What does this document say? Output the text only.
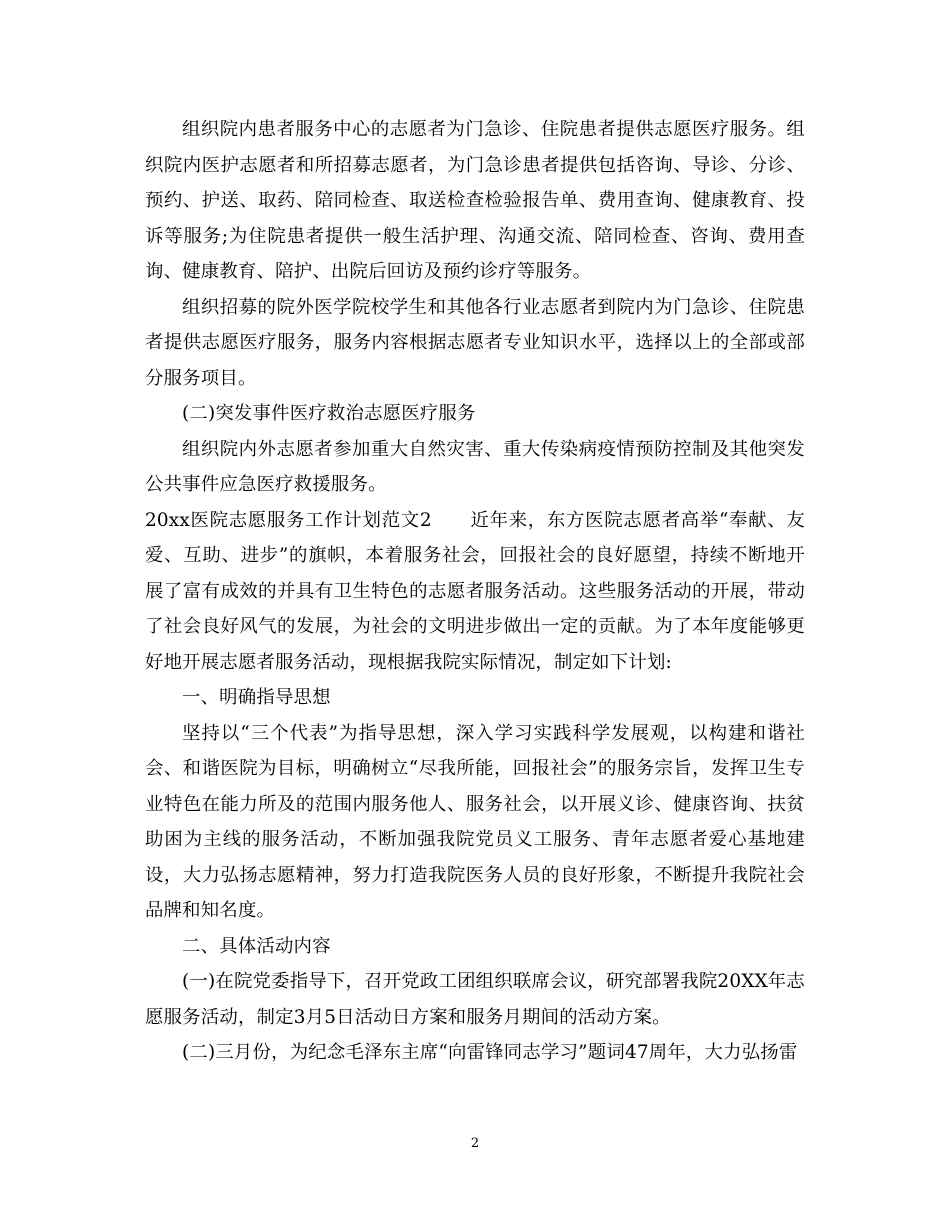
组织院内患者服务中心的志愿者为门急诊、住院患者提供志愿医疗服务。组织院内医护志愿者和所招募志愿者，为门急诊患者提供包括咨询、导诊、分诊、预约、护送、取药、陪同检查、取送检查检验报告单、费用查询、健康教育、投诉等服务;为住院患者提供一般生活护理、沟通交流、陪同检查、咨询、费用查询、健康教育、陪护、出院后回访及预约诊疗等服务。

组织招募的院外医学院校学生和其他各行业志愿者到院内为门急诊、住院患者提供志愿医疗服务，服务内容根据志愿者专业知识水平，选择以上的全部或部分服务项目。

(二)突发事件医疗救治志愿医疗服务

组织院内外志愿者参加重大自然灾害、重大传染病疫情预防控制及其他突发公共事件应急医疗救援服务。

20xx医院志愿服务工作计划范文2　　近年来，东方医院志愿者高举“奉献、友爱、互助、进步”的旗帜，本着服务社会，回报社会的良好愿望，持续不断地开展了富有成效的并具有卫生特色的志愿者服务活动。这些服务活动的开展，带动了社会良好风气的发展，为社会的文明进步做出一定的贡献。为了本年度能够更好地开展志愿者服务活动，现根据我院实际情况，制定如下计划:

一、明确指导思想

坚持以“三个代表”为指导思想，深入学习实践科学发展观，以构建和谐社会、和谐医院为目标，明确树立“尽我所能，回报社会”的服务宗旨，发挥卫生专业特色在能力所及的范围内服务他人、服务社会，以开展义诊、健康咨询、扶贫助困为主线的服务活动，不断加强我院党员义工服务、青年志愿者爱心基地建设，大力弘扬志愿精神，努力打造我院医务人员的良好形象，不断提升我院社会品牌和知名度。

二、具体活动内容

(一)在院党委指导下，召开党政工团组织联席会议，研究部署我院20XX年志愿服务活动，制定3月5日活动日方案和服务月期间的活动方案。

(二)三月份，为纪念毛泽东主席“向雷锋同志学习”题词47周年，大力弘扬雷

2
